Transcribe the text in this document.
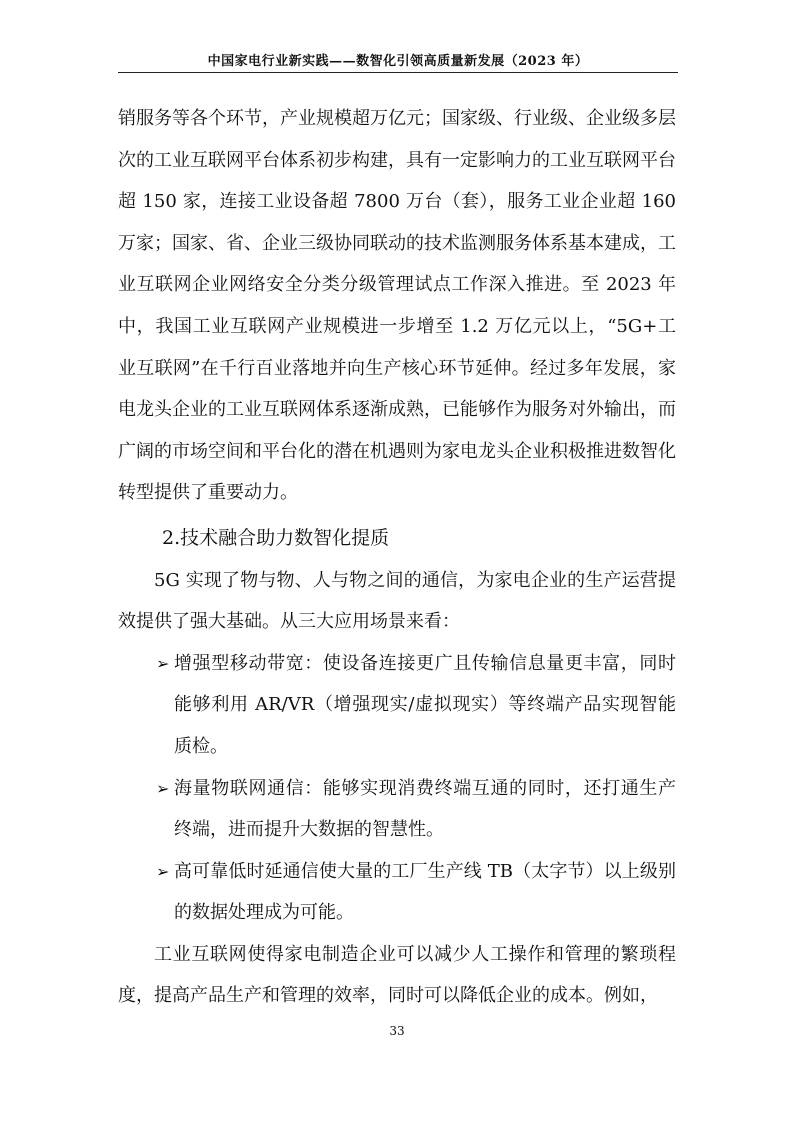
中国家电行业新实践——数智化引领高质量新发展（2023 年）

销服务等各个环节，产业规模超万亿元；国家级、行业级、企业级多层次的工业互联网平台体系初步构建，具有一定影响力的工业互联网平台超 150 家，连接工业设备超 7800 万台（套），服务工业企业超 160 万家；国家、省、企业三级协同联动的技术监测服务体系基本建成，工业互联网企业网络安全分类分级管理试点工作深入推进。至 2023 年中，我国工业互联网产业规模进一步增至 1.2 万亿元以上，“5G+工业互联网”在千行百业落地并向生产核心环节延伸。经过多年发展，家电龙头企业的工业互联网体系逐渐成熟，已能够作为服务对外输出，而广阔的市场空间和平台化的潜在机遇则为家电龙头企业积极推进数智化转型提供了重要动力。

2.技术融合助力数智化提质

5G 实现了物与物、人与物之间的通信，为家电企业的生产运营提效提供了强大基础。从三大应用场景来看：

➢ 增强型移动带宽：使设备连接更广且传输信息量更丰富，同时能够利用 AR/VR（增强现实/虚拟现实）等终端产品实现智能质检。
➢ 海量物联网通信：能够实现消费终端互通的同时，还打通生产终端，进而提升大数据的智慧性。
➢ 高可靠低时延通信使大量的工厂生产线 TB（太字节）以上级别的数据处理成为可能。

工业互联网使得家电制造企业可以减少人工操作和管理的繁琐程度，提高产品生产和管理的效率，同时可以降低企业的成本。例如，

33
